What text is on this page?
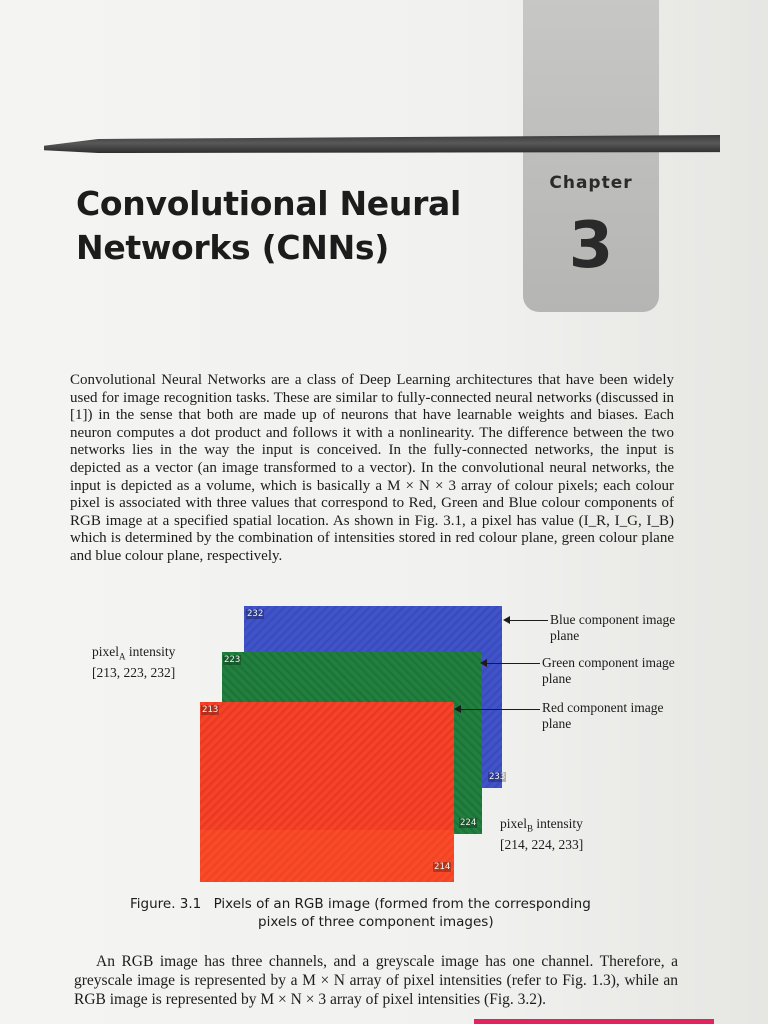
Chapter
3
Convolutional Neural
Networks (CNNs)
Convolutional Neural Networks are a class of Deep Learning architectures that have been widely used for image recognition tasks. These are similar to fully-connected neural networks (discussed in [1]) in the sense that both are made up of neurons that have learnable weights and biases. Each neuron computes a dot product and follows it with a nonlinearity. The difference between the two networks lies in the way the input is conceived. In the fully-connected networks, the input is depicted as a vector (an image transformed to a vector). In the convolutional neural networks, the input is depicted as a volume, which is basically a M × N × 3 array of colour pixels; each colour pixel is associated with three values that correspond to Red, Green and Blue colour components of RGB image at a specified spatial location. As shown in Fig. 3.1, a pixel has value (I_R, I_G, I_B) which is determined by the combination of intensities stored in red colour plane, green colour plane and blue colour plane, respectively.
232
223
213
233
224
214
pixel$_A$ intensity
[213, 223, 232]
pixel$_B$ intensity
[214, 224, 233]
Blue component image plane
Green component image plane
Red component image plane
Figure. 3.1 Pixels of an RGB image (formed from the corresponding
pixels of three component images)
An RGB image has three channels, and a greyscale image has one channel. Therefore, a greyscale image is represented by a M × N array of pixel intensities (refer to Fig. 1.3), while an RGB image is represented by M × N × 3 array of pixel intensities (Fig. 3.2).
